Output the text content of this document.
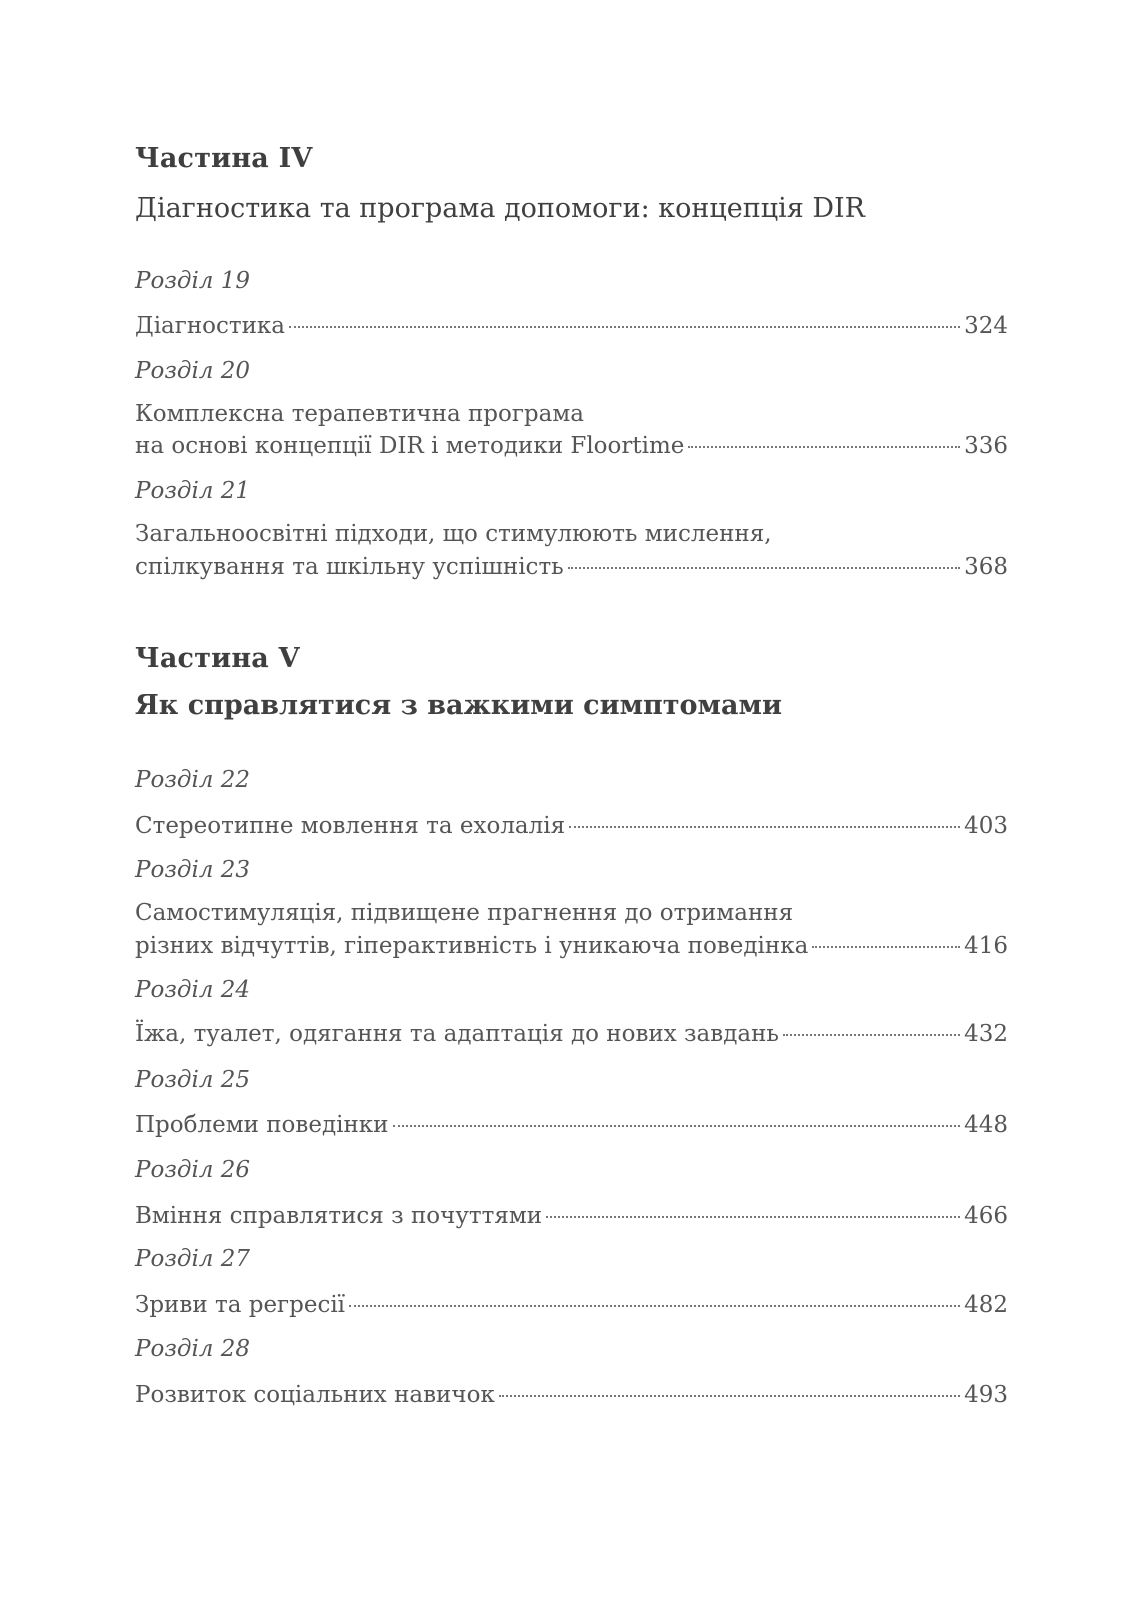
Частина IV
Діагностика та програма допомоги: концепція DIR
Розділ 19
Діагностика	324
Розділ 20
Комплексна терапевтична програма
на основі концепції DIR і методики Floortime	336
Розділ 21
Загальноосвітні підходи, що стимулюють мислення,
спілкування та шкільну успішність	368
Частина V
Як справлятися з важкими симптомами
Розділ 22
Стереотипне мовлення та ехолалія	403
Розділ 23
Самостимуляція, підвищене прагнення до отримання
різних відчуттів, гіперактивність і уникаюча поведінка	416
Розділ 24
Їжа, туалет, одягання та адаптація до нових завдань	432
Розділ 25
Проблеми поведінки	448
Розділ 26
Вміння справлятися з почуттями	466
Розділ 27
Зриви та регресії	482
Розділ 28
Розвиток соціальних навичок	493
